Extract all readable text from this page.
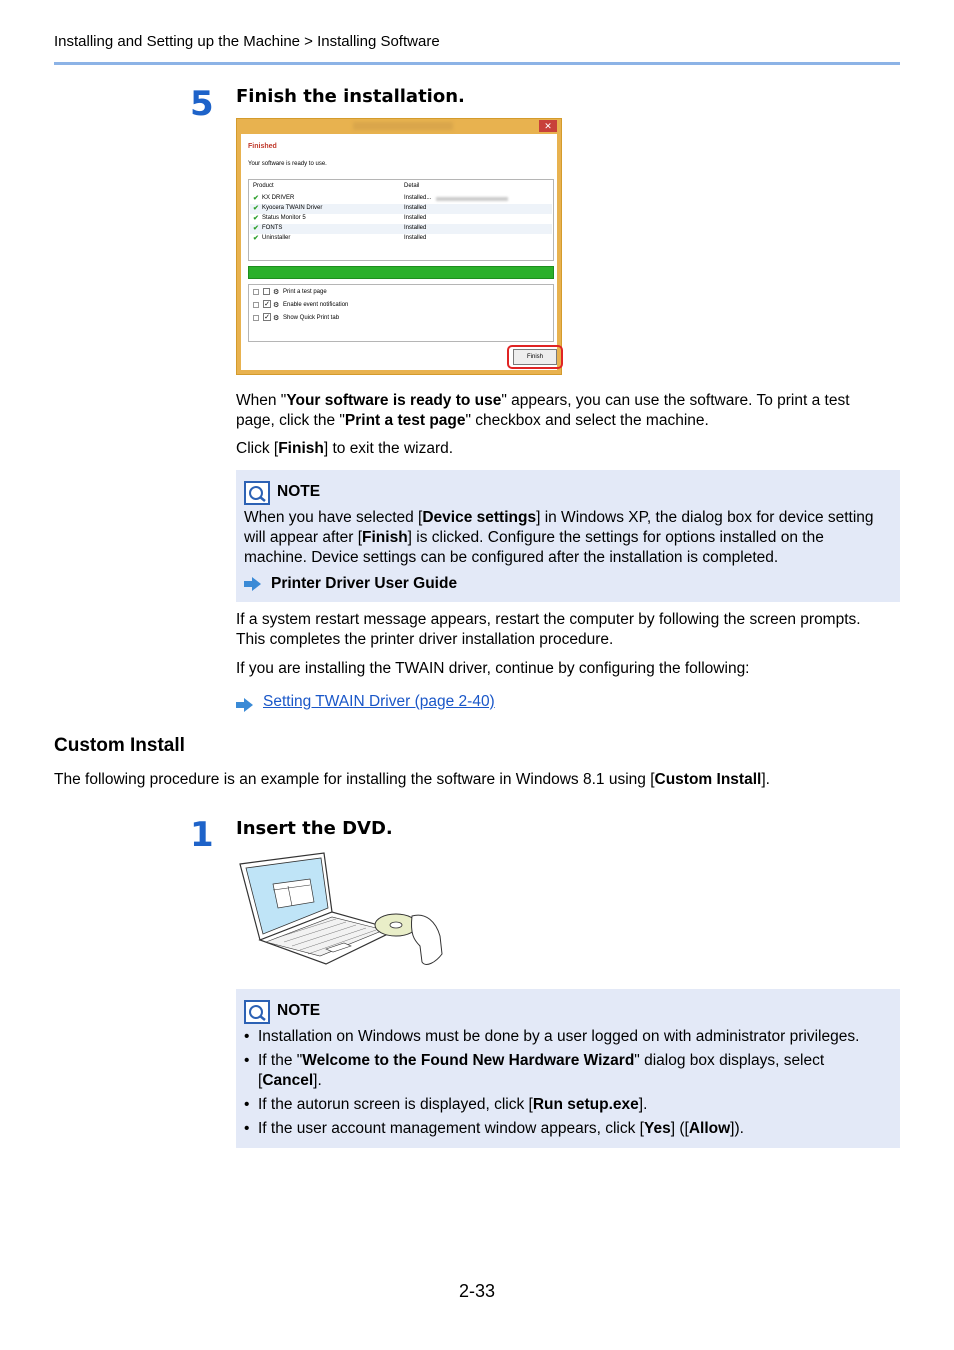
Installing and Setting up the Machine > Installing Software
5 Finish the installation.
✕
Finished
Your software is ready to use.
Product	Detail
✔ KX DRIVER	Installed...
✔ Kyocera TWAIN Driver	Installed
✔ Status Monitor 5	Installed
✔ FONTS	Installed
✔ Uninstaller	Installed
⚙ Print a test page
✓ ⚙ Enable event notification
✓ ⚙ Show Quick Print tab
Finish
When "Your software is ready to use" appears, you can use the software. To print a test
page, click the "Print a test page" checkbox and select the machine.
Click [Finish] to exit the wizard.
NOTE
When you have selected [Device settings] in Windows XP, the dialog box for device setting
will appear after [Finish] is clicked. Configure the settings for options installed on the
machine. Device settings can be configured after the installation is completed.
Printer Driver User Guide
If a system restart message appears, restart the computer by following the screen prompts.
This completes the printer driver installation procedure.
If you are installing the TWAIN driver, continue by configuring the following:
Setting TWAIN Driver (page 2-40)
Custom Install
The following procedure is an example for installing the software in Windows 8.1 using [Custom Install].
1 Insert the DVD.
NOTE
• Installation on Windows must be done by a user logged on with administrator privileges.
• If the "Welcome to the Found New Hardware Wizard" dialog box displays, select
[Cancel].
• If the autorun screen is displayed, click [Run setup.exe].
• If the user account management window appears, click [Yes] ([Allow]).
2-33
